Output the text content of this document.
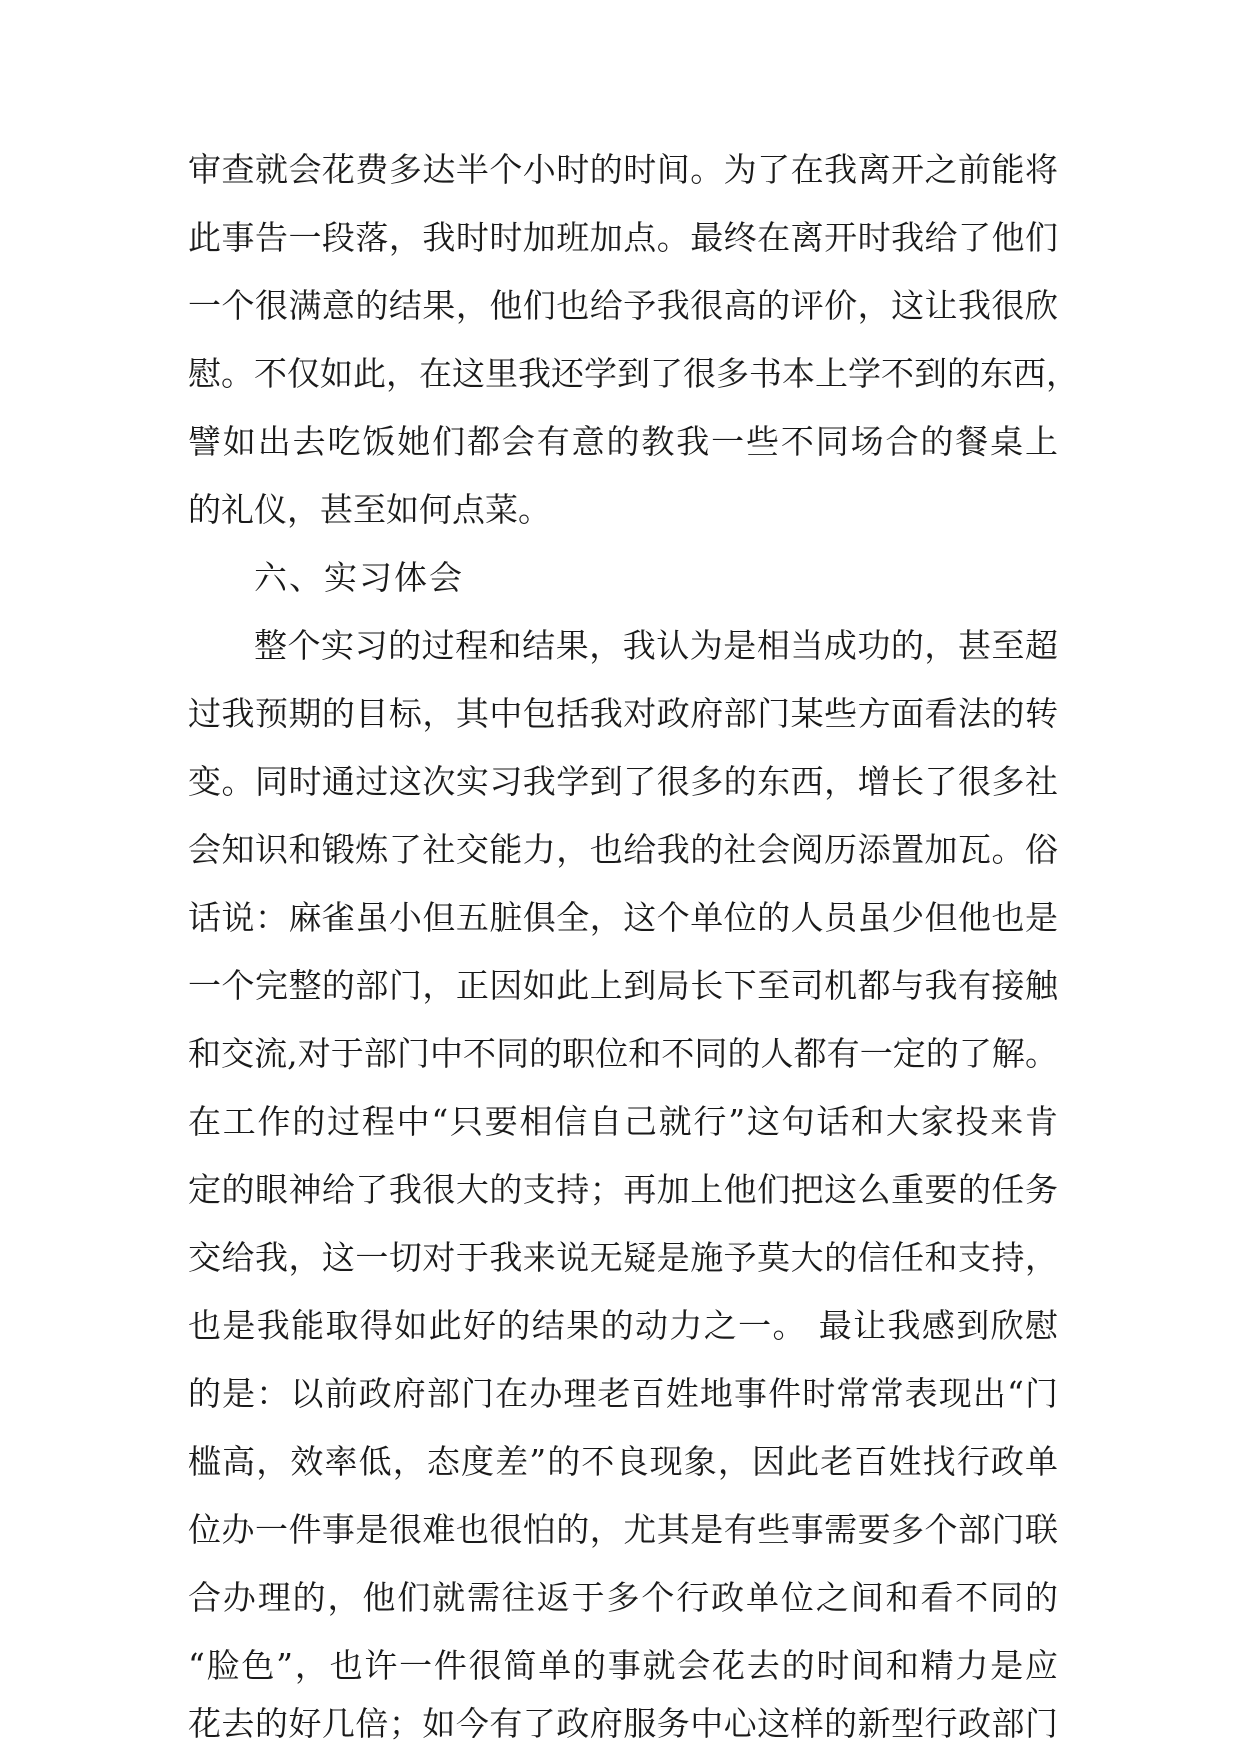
审查就会花费多达半个小时的时间。为了在我离开之前能将
此事告一段落，我时时加班加点。最终在离开时我给了他们
一个很满意的结果，他们也给予我很高的评价，这让我很欣
慰。不仅如此，在这里我还学到了很多书本上学不到的东西，
譬如出去吃饭她们都会有意的教我一些不同场合的餐桌上
的礼仪，甚至如何点菜。
六、实习体会
整个实习的过程和结果，我认为是相当成功的，甚至超
过我预期的目标，其中包括我对政府部门某些方面看法的转
变。同时通过这次实习我学到了很多的东西，增长了很多社
会知识和锻炼了社交能力，也给我的社会阅历添置加瓦。俗
话说：麻雀虽小但五脏俱全，这个单位的人员虽少但他也是
一个完整的部门，正因如此上到局长下至司机都与我有接触
和交流,对于部门中不同的职位和不同的人都有一定的了解。
在工作的过程中“只要相信自己就行”这句话和大家投来肯
定的眼神给了我很大的支持；再加上他们把这么重要的任务
交给我，这一切对于我来说无疑是施予莫大的信任和支持，
也是我能取得如此好的结果的动力之一。 最让我感到欣慰
的是：以前政府部门在办理老百姓地事件时常常表现出“门
槛高，效率低，态度差”的不良现象，因此老百姓找行政单
位办一件事是很难也很怕的，尤其是有些事需要多个部门联
合办理的，他们就需往返于多个行政单位之间和看不同的
“脸色”，也许一件很简单的事就会花去的时间和精力是应
花去的好几倍；如今有了政府服务中心这样的新型行政部门
